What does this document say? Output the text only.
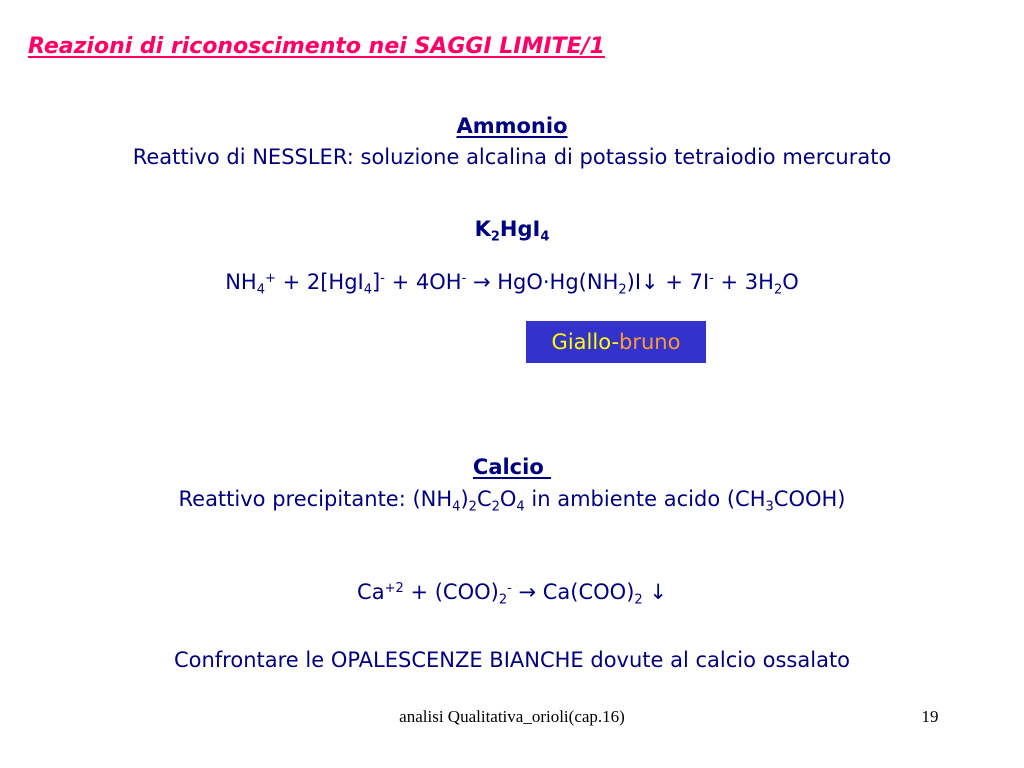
Reazioni di riconoscimento nei SAGGI LIMITE/1
Ammonio
Reattivo di NESSLER: soluzione alcalina di potassio tetraiodio mercurato
$K_2HgI_4$
$NH_4^+ + 2[HgI_4]^- + 4OH^-$ → $HgO\cdot Hg(NH_2)I↓ + 7I^- + 3H_2O$
Giallo-bruno
Calcio
Reattivo precipitante: $(NH_4)_2C_2O_4$ in ambiente acido $(CH_3COOH)$
$Ca^{+2} + (COO)_2^- \to Ca(COO)_2$ ↓
Confrontare le OPALESCENZE BIANCHE dovute al calcio ossalato
analisi Qualitativa_orioli(cap.16)	19
